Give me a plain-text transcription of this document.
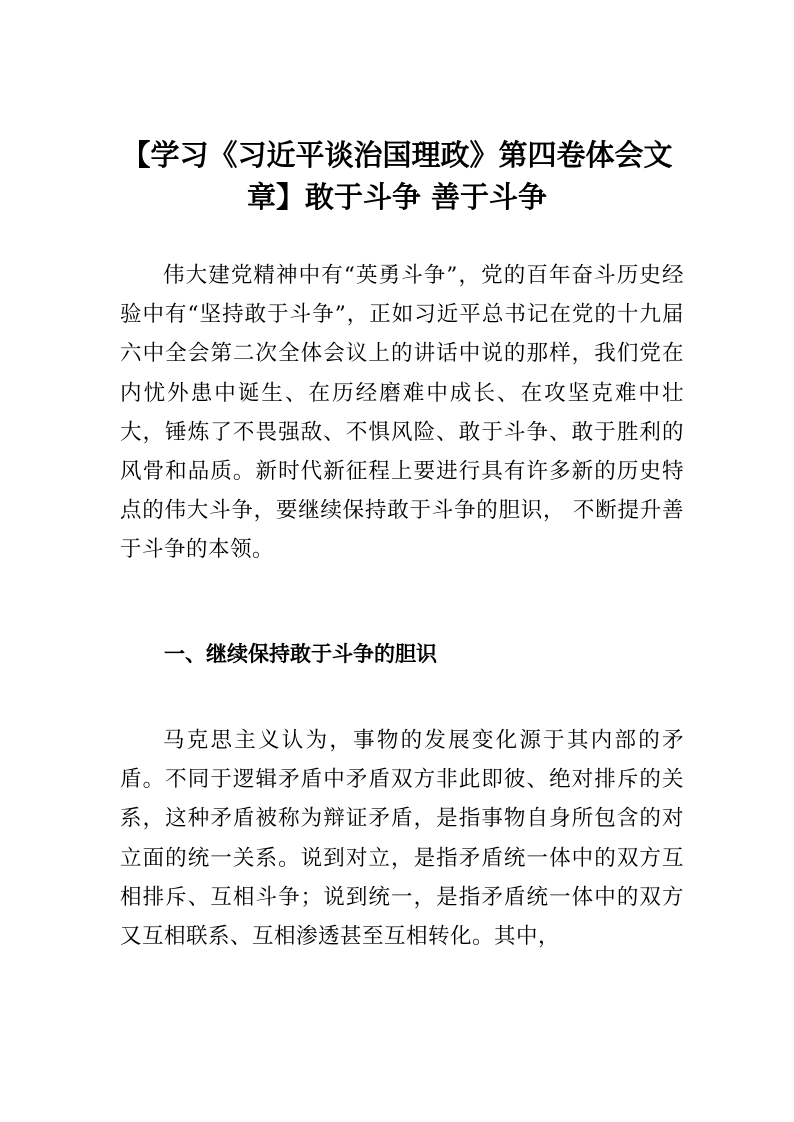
【学习《习近平谈治国理政》第四卷体会文章】敢于斗争 善于斗争

伟大建党精神中有“英勇斗争”，党的百年奋斗历史经验中有“坚持敢于斗争”，正如习近平总书记在党的十九届六中全会第二次全体会议上的讲话中说的那样，我们党在内忧外患中诞生、在历经磨难中成长、在攻坚克难中壮大，锤炼了不畏强敌、不惧风险、敢于斗争、敢于胜利的风骨和品质。新时代新征程上要进行具有许多新的历史特点的伟大斗争，要继续保持敢于斗争的胆识， 不断提升善于斗争的本领。

一、继续保持敢于斗争的胆识

马克思主义认为，事物的发展变化源于其内部的矛盾。不同于逻辑矛盾中矛盾双方非此即彼、绝对排斥的关系，这种矛盾被称为辩证矛盾，是指事物自身所包含的对立面的统一关系。说到对立，是指矛盾统一体中的双方互相排斥、互相斗争；说到统一，是指矛盾统一体中的双方又互相联系、互相渗透甚至互相转化。其中，
